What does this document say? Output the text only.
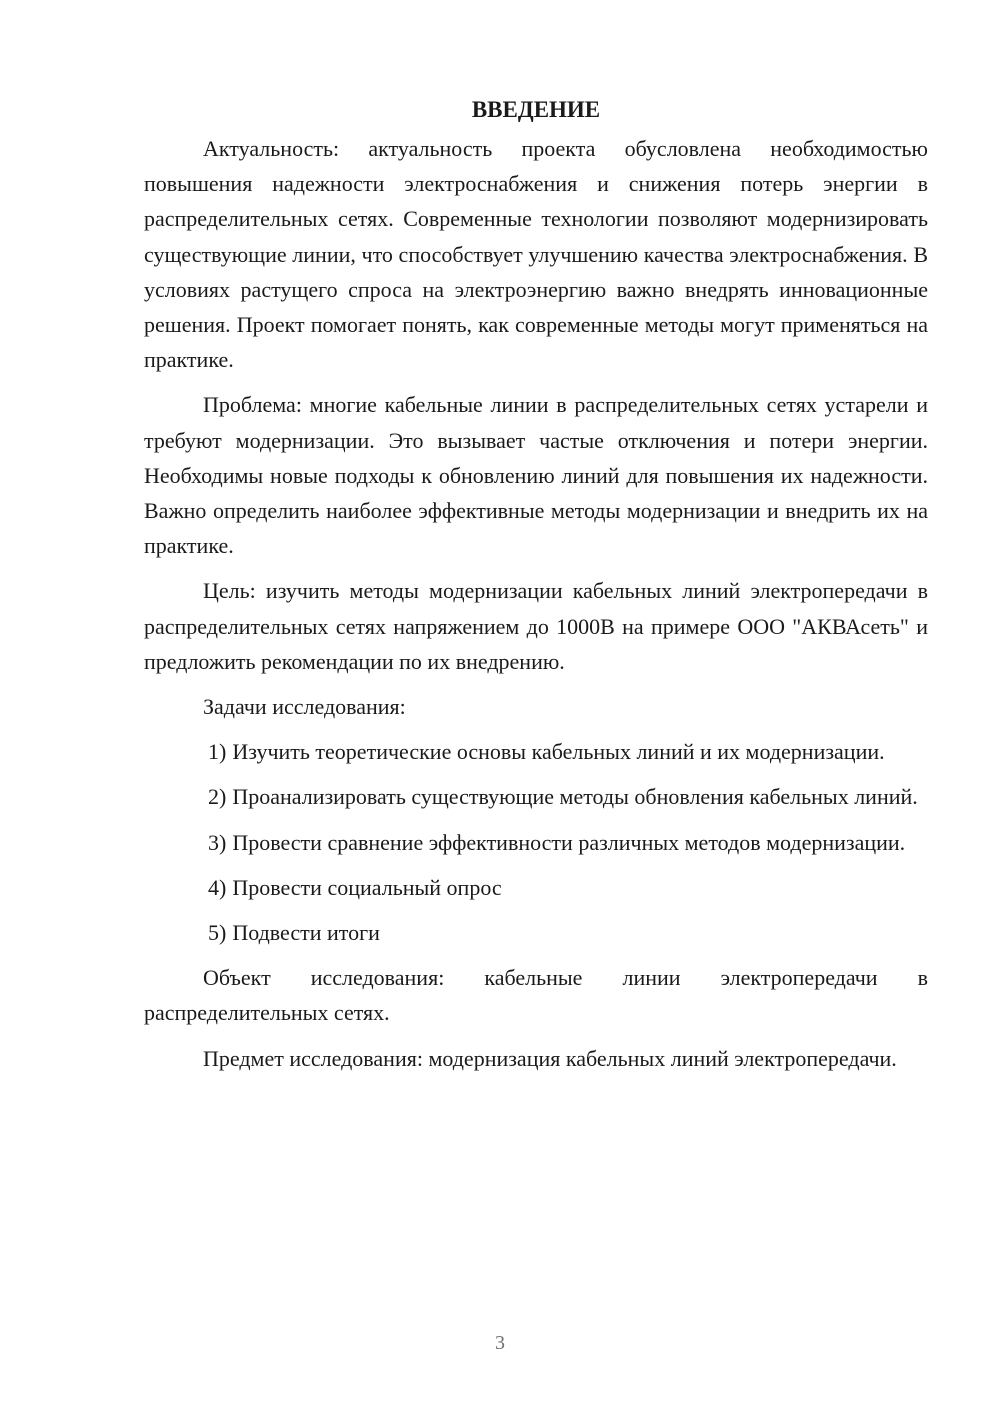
ВВЕДЕНИЕ

Актуальность: актуальность проекта обусловлена необходимостью повышения надежности электроснабжения и снижения потерь энергии в распределительных сетях. Современные технологии позволяют модернизировать существующие линии, что способствует улучшению качества электроснабжения. В условиях растущего спроса на электроэнергию важно внедрять инновационные решения. Проект помогает понять, как современные методы могут применяться на практике.

Проблема: многие кабельные линии в распределительных сетях устарели и требуют модернизации. Это вызывает частые отключения и потери энергии. Необходимы новые подходы к обновлению линий для повышения их надежности. Важно определить наиболее эффективные методы модернизации и внедрить их на практике.

Цель: изучить методы модернизации кабельных линий электропередачи в распределительных сетях напряжением до 1000В на примере ООО "АКВАсеть" и предложить рекомендации по их внедрению.

Задачи исследования:

1) Изучить теоретические основы кабельных линий и их модернизации.

2) Проанализировать существующие методы обновления кабельных линий.

3) Провести сравнение эффективности различных методов модернизации.

4) Провести социальный опрос

5) Подвести итоги

Объект исследования: кабельные линии электропередачи в распределительных сетях.

Предмет исследования: модернизация кабельных линий электропередачи.

3
